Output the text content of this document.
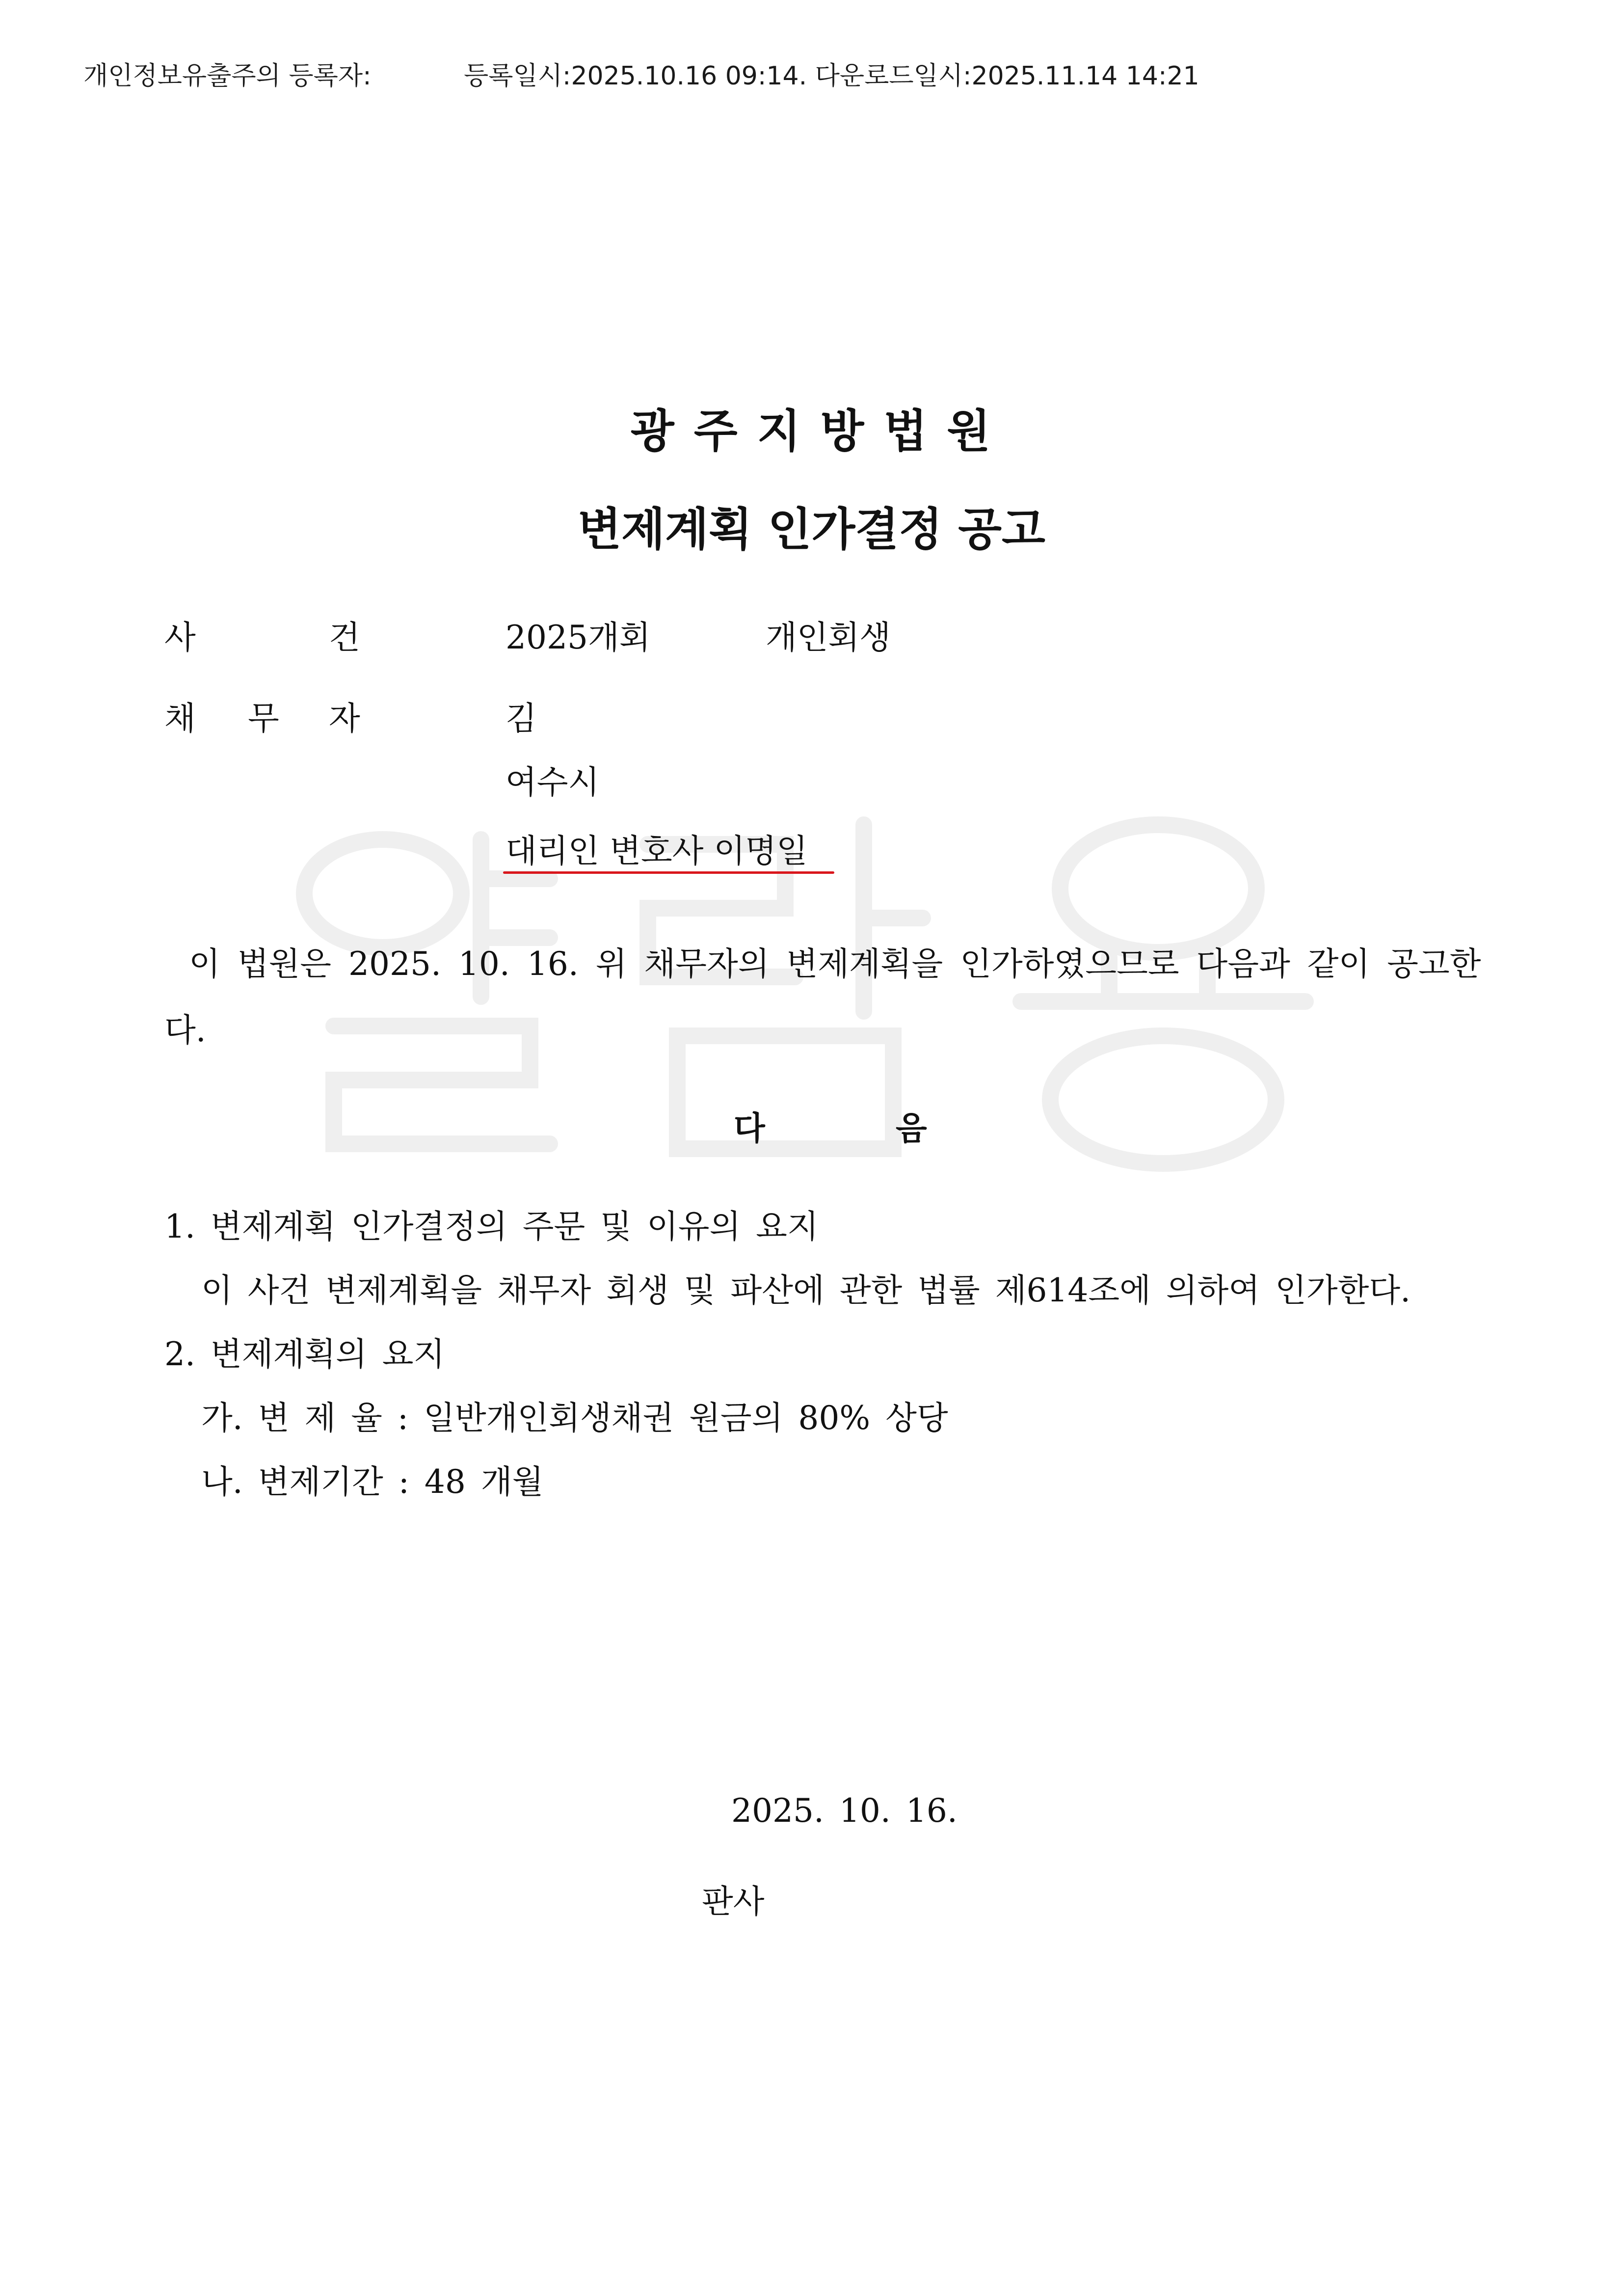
개인정보유출주의 등록자:	등록일시:2025.10.16 09:14. 다운로드일시:2025.11.14 14:21
광 주 지 방 법 원
변제계획 인가결정 공고
사	건	2025개회	개인회생
채 무 자	김
여수시
대리인 변호사 이명일
이 법원은 2025. 10. 16. 위 채무자의 변제계획을 인가하였으므로 다음과 같이 공고한
다.
다	음
1. 변제계획 인가결정의 주문 및 이유의 요지
이 사건 변제계획을 채무자 회생 및 파산에 관한 법률 제614조에 의하여 인가한다.
2. 변제계획의 요지
가. 변 제 율 : 일반개인회생채권 원금의 80% 상당
나. 변제기간 : 48 개월
2025. 10. 16.
판사
